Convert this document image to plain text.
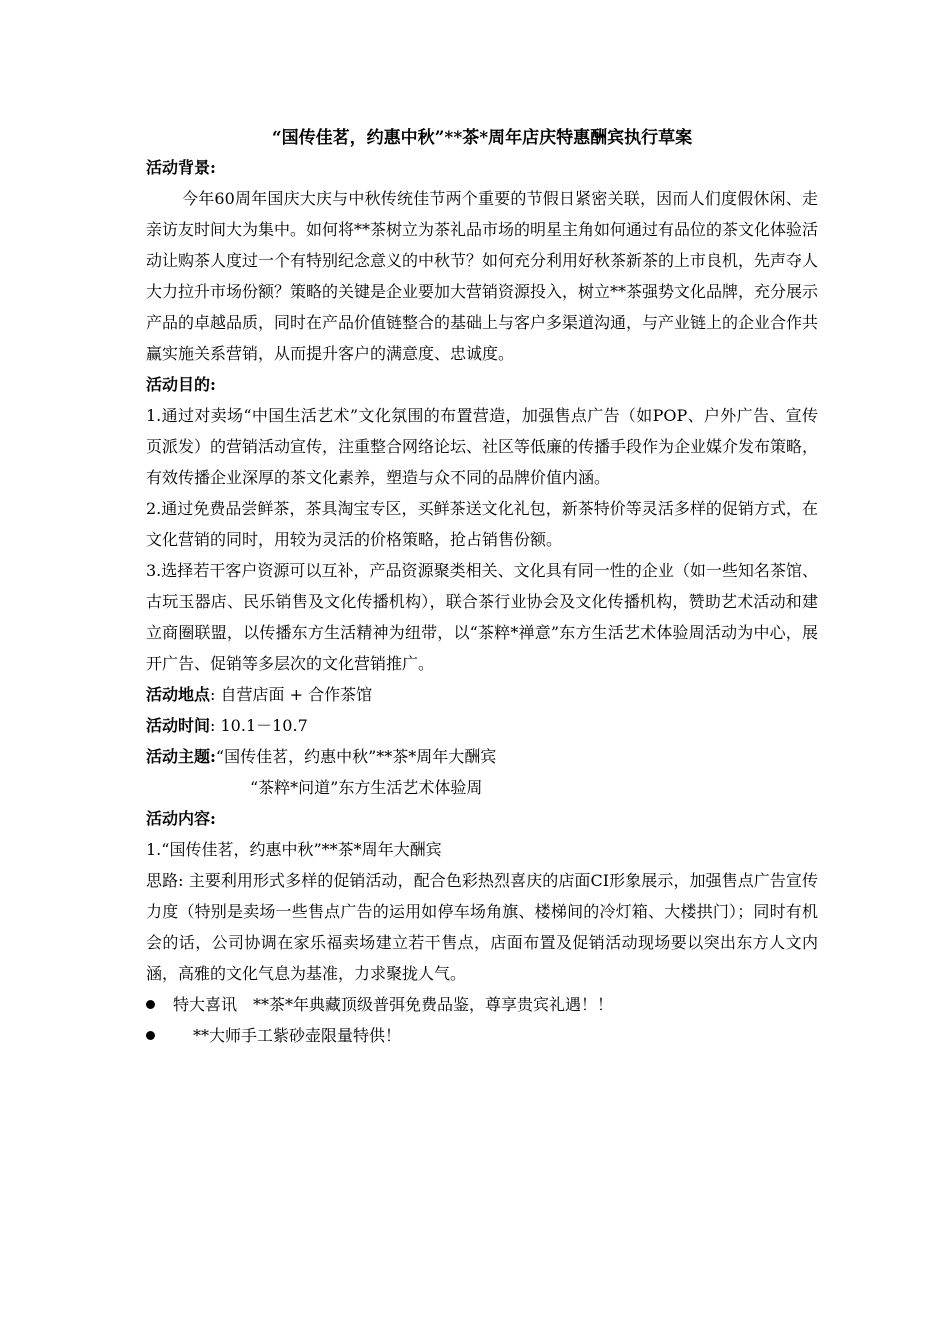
“国传佳茗，约惠中秋”**茶*周年店庆特惠酬宾执行草案
活动背景:

今年60周年国庆大庆与中秋传统佳节两个重要的节假日紧密关联，因而人们度假休闲、走亲访友时间大为集中。如何将**茶树立为茶礼品市场的明星主角如何通过有品位的茶文化体验活动让购茶人度过一个有特别纪念意义的中秋节？如何充分利用好秋茶新茶的上市良机，先声夺人大力拉升市场份额？策略的关键是企业要加大营销资源投入，树立**茶强势文化品牌，充分展示产品的卓越品质，同时在产品价值链整合的基础上与客户多渠道沟通，与产业链上的企业合作共赢实施关系营销，从而提升客户的满意度、忠诚度。

活动目的:

1.通过对卖场“中国生活艺术”文化氛围的布置营造，加强售点广告（如POP、户外广告、宣传页派发）的营销活动宣传，注重整合网络论坛、社区等低廉的传播手段作为企业媒介发布策略，有效传播企业深厚的茶文化素养，塑造与众不同的品牌价值内涵。

2.通过免费品尝鲜茶，茶具淘宝专区，买鲜茶送文化礼包，新茶特价等灵活多样的促销方式，在文化营销的同时，用较为灵活的价格策略，抢占销售份额。

3.选择若干客户资源可以互补，产品资源聚类相关、文化具有同一性的企业（如一些知名茶馆、古玩玉器店、民乐销售及文化传播机构），联合茶行业协会及文化传播机构，赞助艺术活动和建立商圈联盟，以传播东方生活精神为纽带，以“茶粹*禅意”东方生活艺术体验周活动为中心，展开广告、促销等多层次的文化营销推广。

活动地点: 自营店面 + 合作茶馆
活动时间: 10.1－10.7
活动主题:“国传佳茗，约惠中秋”**茶*周年大酬宾
“茶粹*问道”东方生活艺术体验周
活动内容:
1.“国传佳茗，约惠中秋”**茶*周年大酬宾

思路: 主要利用形式多样的促销活动，配合色彩热烈喜庆的店面CI形象展示，加强售点广告宣传力度（特别是卖场一些售点广告的运用如停车场角旗、楼梯间的冷灯箱、大楼拱门）；同时有机会的话，公司协调在家乐福卖场建立若干售点，店面布置及促销活动现场要以突出东方人文内涵，高雅的文化气息为基准，力求聚拢人气。

特大喜讯　**茶*年典藏顶级普弭免费品鉴，尊享贵宾礼遇！！
**大师手工紫砂壶限量特供！
